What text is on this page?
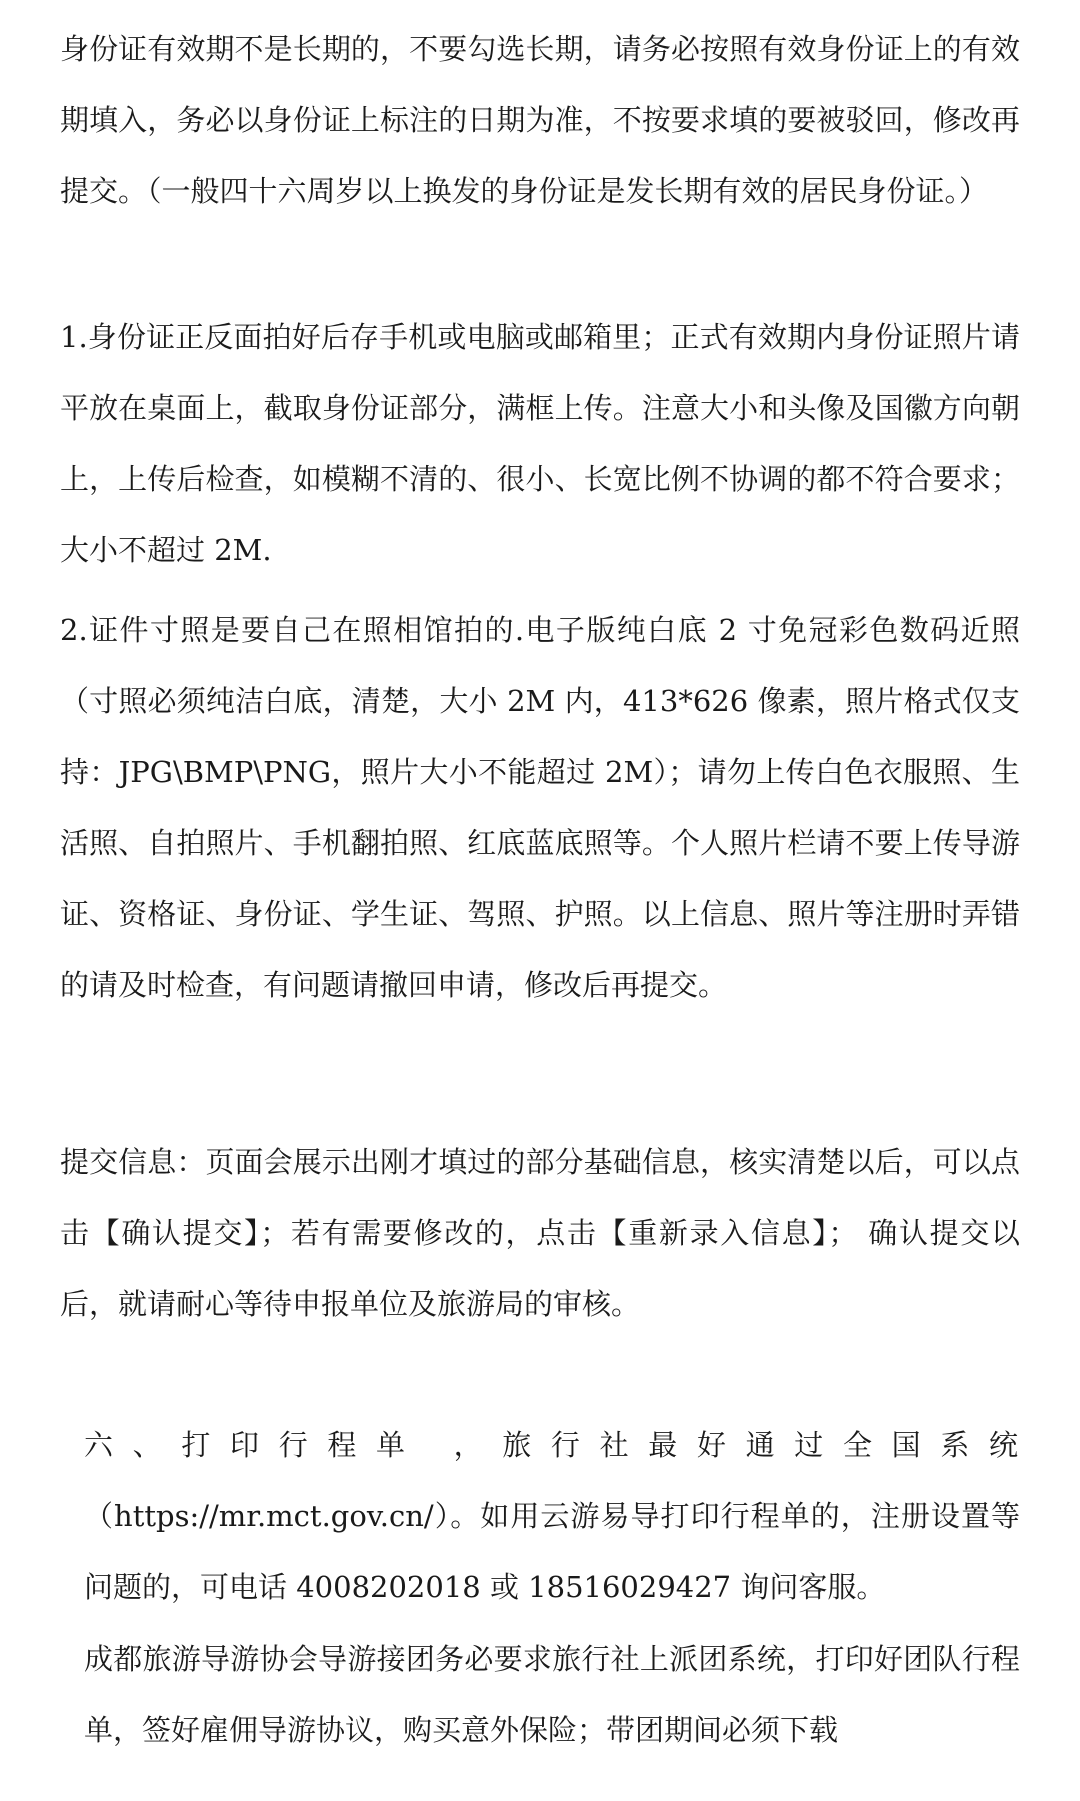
身份证有效期不是长期的，不要勾选长期，请务必按照有效身份证上的有效期填入，务必以身份证上标注的日期为准，不按要求填的要被驳回，修改再提交。（一般四十六周岁以上换发的身份证是发长期有效的居民身份证。）

1.身份证正反面拍好后存手机或电脑或邮箱里；正式有效期内身份证照片请平放在桌面上，截取身份证部分，满框上传。注意大小和头像及国徽方向朝上，上传后检查，如模糊不清的、很小、长宽比例不协调的都不符合要求；大小不超过 2M.

2.证件寸照是要自己在照相馆拍的.电子版纯白底 2 寸免冠彩色数码近照（寸照必须纯洁白底，清楚，大小 2M 内，413*626 像素，照片格式仅支持：JPG\BMP\PNG，照片大小不能超过 2M）；请勿上传白色衣服照、生活照、自拍照片、手机翻拍照、红底蓝底照等。个人照片栏请不要上传导游证、资格证、身份证、学生证、驾照、护照。以上信息、照片等注册时弄错的请及时检查，有问题请撤回申请，修改后再提交。

提交信息：页面会展示出刚才填过的部分基础信息，核实清楚以后，可以点击【确认提交】；若有需要修改的，点击【重新录入信息】； 确认提交以后，就请耐心等待申报单位及旅游局的审核。

六、打印行程单 ，旅行社最好通过全国系统
（https://mr.mct.gov.cn/）。如用云游易导打印行程单的，注册设置等问题的，可电话 4008202018 或 18516029427 询问客服。

成都旅游导游协会导游接团务必要求旅行社上派团系统，打印好团队行程单，签好雇佣导游协议，购买意外保险；带团期间必须下载
